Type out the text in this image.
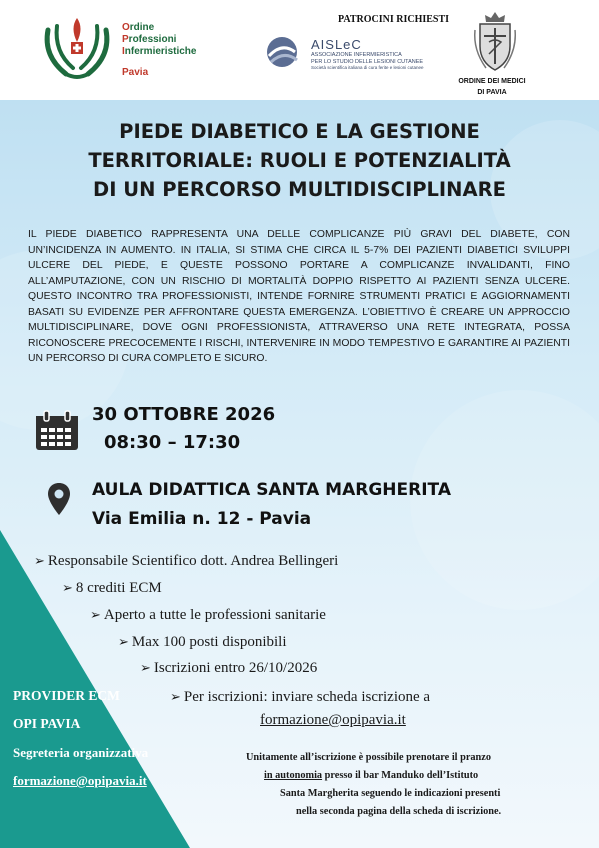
Ordine
Professioni
Infermieristiche
Pavia
PATROCINI RICHIESTI
AISLeC
ASSOCIAZIONE INFERMIERISTICA
PER LO STUDIO DELLE LESIONI CUTANEE
Società scientifica italiana di cura ferite e lesioni cutanee
ORDINE DEI MEDICI
DI PAVIA
PIEDE DIABETICO E LA GESTIONE
TERRITORIALE: RUOLI E POTENZIALITÀ
DI UN PERCORSO MULTIDISCIPLINARE
IL PIEDE DIABETICO RAPPRESENTA UNA DELLE COMPLICANZE PIÙ GRAVI DEL DIABETE, CON UN’INCIDENZA IN AUMENTO. IN ITALIA, SI STIMA CHE CIRCA IL 5-7% DEI PAZIENTI DIABETICI SVILUPPI ULCERE DEL PIEDE, E QUESTE POSSONO PORTARE A COMPLICANZE INVALIDANTI, FINO ALL’AMPUTAZIONE, CON UN RISCHIO DI MORTALITÀ DOPPIO RISPETTO AI PAZIENTI SENZA ULCERE. QUESTO INCONTRO TRA PROFESSIONISTI, INTENDE FORNIRE STRUMENTI PRATICI E AGGIORNAMENTI BASATI SU EVIDENZE PER AFFRONTARE QUESTA EMERGENZA. L’OBIETTIVO È CREARE UN APPROCCIO MULTIDISCIPLINARE, DOVE OGNI PROFESSIONISTA, ATTRAVERSO UNA RETE INTEGRATA, POSSA RICONOSCERE PRECOCEMENTE I RISCHI, INTERVENIRE IN MODO TEMPESTIVO E GARANTIRE AI PAZIENTI UN PERCORSO DI CURA COMPLETO E SICURO.
30 OTTOBRE 2026
08:30 – 17:30
AULA DIDATTICA SANTA MARGHERITA
Via Emilia n. 12 - Pavia
➢ Responsabile Scientifico dott. Andrea Bellingeri
➢ 8 crediti ECM
➢ Aperto a tutte le professioni sanitarie
➢ Max 100 posti disponibili
➢ Iscrizioni entro 26/10/2026
➢ Per iscrizioni: inviare scheda iscrizione a
formazione@opipavia.it
PROVIDER ECM
OPI PAVIA
Segreteria organizzativa
formazione@opipavia.it
Unitamente all’iscrizione è possibile prenotare il pranzo
in autonomia presso il bar Manduko dell’Istituto
Santa Margherita seguendo le indicazioni presenti
nella seconda pagina della scheda di iscrizione.
